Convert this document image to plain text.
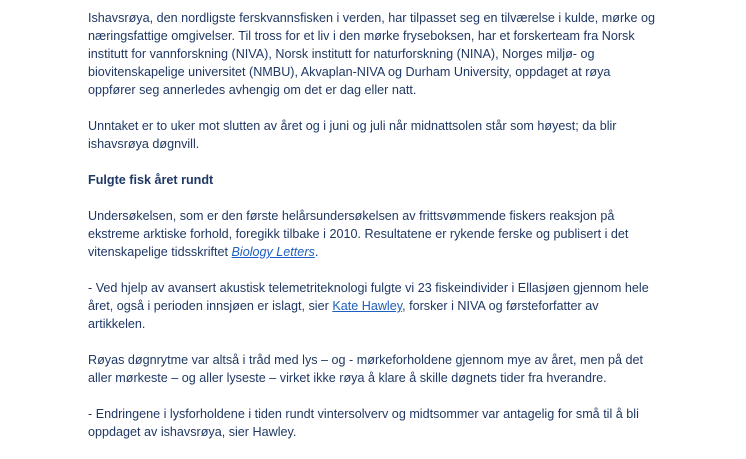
Ishavsrøya, den nordligste ferskvannsfisken i verden, har tilpasset seg en tilværelse i kulde, mørke og
næringsfattige omgivelser. Til tross for et liv i den mørke fryseboksen, har et forskerteam fra Norsk
institutt for vannforskning (NIVA), Norsk institutt for naturforskning (NINA), Norges miljø- og
biovitenskapelige universitet (NMBU), Akvaplan-NIVA og Durham University, oppdaget at røya
oppfører seg annerledes avhengig om det er dag eller natt.

Unntaket er to uker mot slutten av året og i juni og juli når midnattsolen står som høyest; da blir
ishavsrøya døgnvill.

Fulgte fisk året rundt

Undersøkelsen, som er den første helårsundersøkelsen av frittsvømmende fiskers reaksjon på
ekstreme arktiske forhold, foregikk tilbake i 2010. Resultatene er rykende ferske og publisert i det
vitenskapelige tidsskriftet Biology Letters.

- Ved hjelp av avansert akustisk telemetriteknologi fulgte vi 23 fiskeindivider i Ellasjøen gjennom hele
året, også i perioden innsjøen er islagt, sier Kate Hawley, forsker i NIVA og førsteforfatter av
artikkelen.

Røyas døgnrytme var altså i tråd med lys – og - mørkeforholdene gjennom mye av året, men på det
aller mørkeste – og aller lyseste – virket ikke røya å klare å skille døgnets tider fra hverandre.

- Endringene i lysforholdene i tiden rundt vintersolverv og midtsommer var antagelig for små til å bli
oppdaget av ishavsrøya, sier Hawley.
